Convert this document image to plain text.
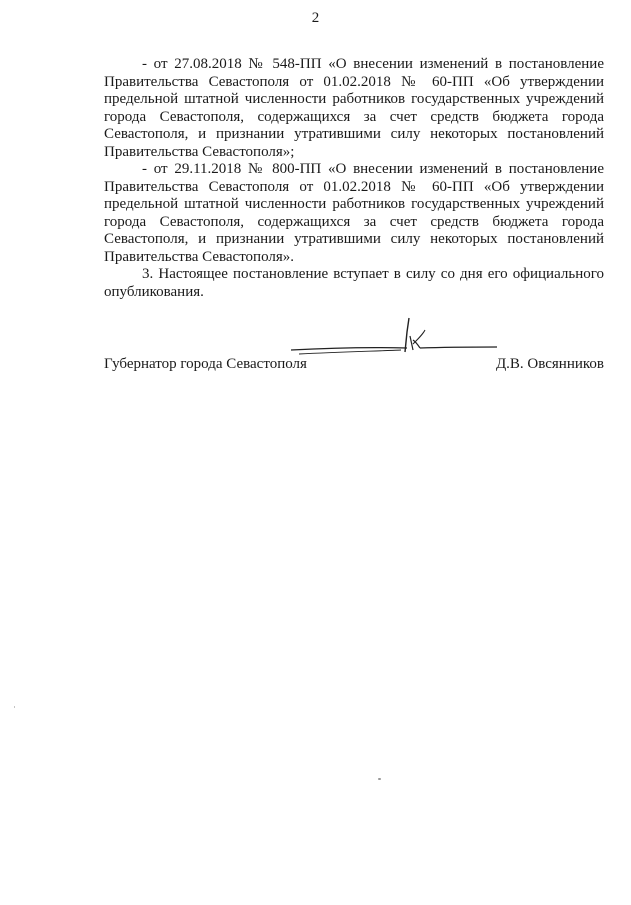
2

- от 27.08.2018 № 548-ПП «О внесении изменений в постановление Правительства Севастополя от 01.02.2018 № 60-ПП «Об утверждении предельной штатной численности работников государственных учреждений города Севастополя, содержащихся за счет средств бюджета города Севастополя, и признании утратившими силу некоторых постановлений Правительства Севастополя»;

- от 29.11.2018 № 800-ПП «О внесении изменений в постановление Правительства Севастополя от 01.02.2018 № 60-ПП «Об утверждении предельной штатной численности работников государственных учреждений города Севастополя, содержащихся за счет средств бюджета города Севастополя, и признании утратившими силу некоторых постановлений Правительства Севастополя».

3. Настоящее постановление вступает в силу со дня его официального опубликования.

Губернатор города Севастополя	Д.В. Овсянников
